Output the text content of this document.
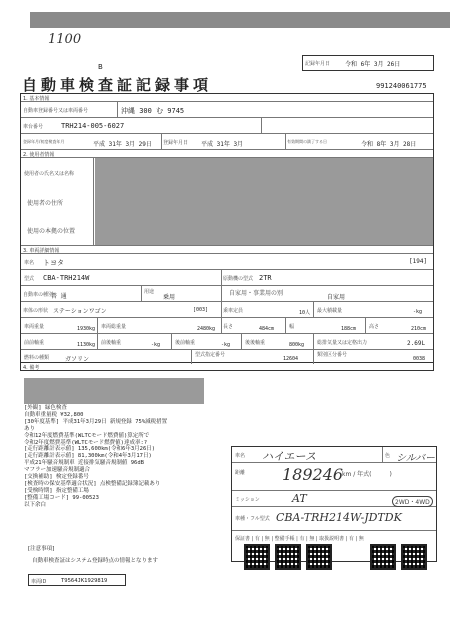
1100
B
自動車検査証記録事項
記録年月日 令和 6年 3月 26日
991240061775
1. 基本情報
自動車登録番号又は車両番号	沖縄 300 む 9745
車台番号	TRH214-005-6027
登録年月/初度検査年月	平成 31年 3月 29日 登録年月日 平成 31年 3月	有効期間の満了する日	令和 8年 3月 28日
2. 使用者情報
使用者の氏名又は名称
使用者の住所
使用の本拠の位置
3. 車両詳細情報
車名 トヨタ	[194]
型式 CBA-TRH214W	原動機の型式 2TR
自動車の種別
普 通
用途
乗用
自家用・事業用の別
自家用
車体の形状 ステーションワゴン	[003]	乗車定員	10人 最大積載量	-kg
車両重量	1930kg 車両総重量	2480kg 長さ	484cm	幅	188cm	高さ	210cm
前前軸重	1130kg 前後軸重	-kg	後前軸重	-kg	後後軸重	800kg	総排気量又は定格出力	2.69L
燃料の種類	ガソリン
型式指定番号
12604
類別区分番号
0038
4. 備考
[外観] 緑色検査
自動車重量税 ¥32,800
[30年度基準] 平成31年3月29日 新規登録 75%減税措置
あり
令和12年度燃費基準(WLTCモード燃費値)算定所で
令和2年度燃費基準(WLTCモード燃費値)達成率:?
[走行距離計表示値] 135,600km(令和6年3月26日)
[走行距離計表示値] 81,300km(令和4年3月17日)
平成21年騒音規制車 近接排気騒音規制値 96dB
マフラー加速騒音規制適合
[交換補助] 検定登録番号
[検査時の保安基準適合状況] 点検整備記録簿記載あり
[受検時期] 指定整備工場
[整備工場コード] 99-00523
以下余白
車名 ハイエース	色 シルバー
距離 189246
km / 年式(　　　)
ミッション	AT	2WD・4WD
車種・フル型式 CBA-TRH214W-JDTDK
保証書 | 有 | 無 | 整備手帳 | 有 | 無 | 取扱説明書 | 有 | 無
[注意事項]
自動車検査証はシステム登録時点の情報となります
車両ID	T9564JK1929819
